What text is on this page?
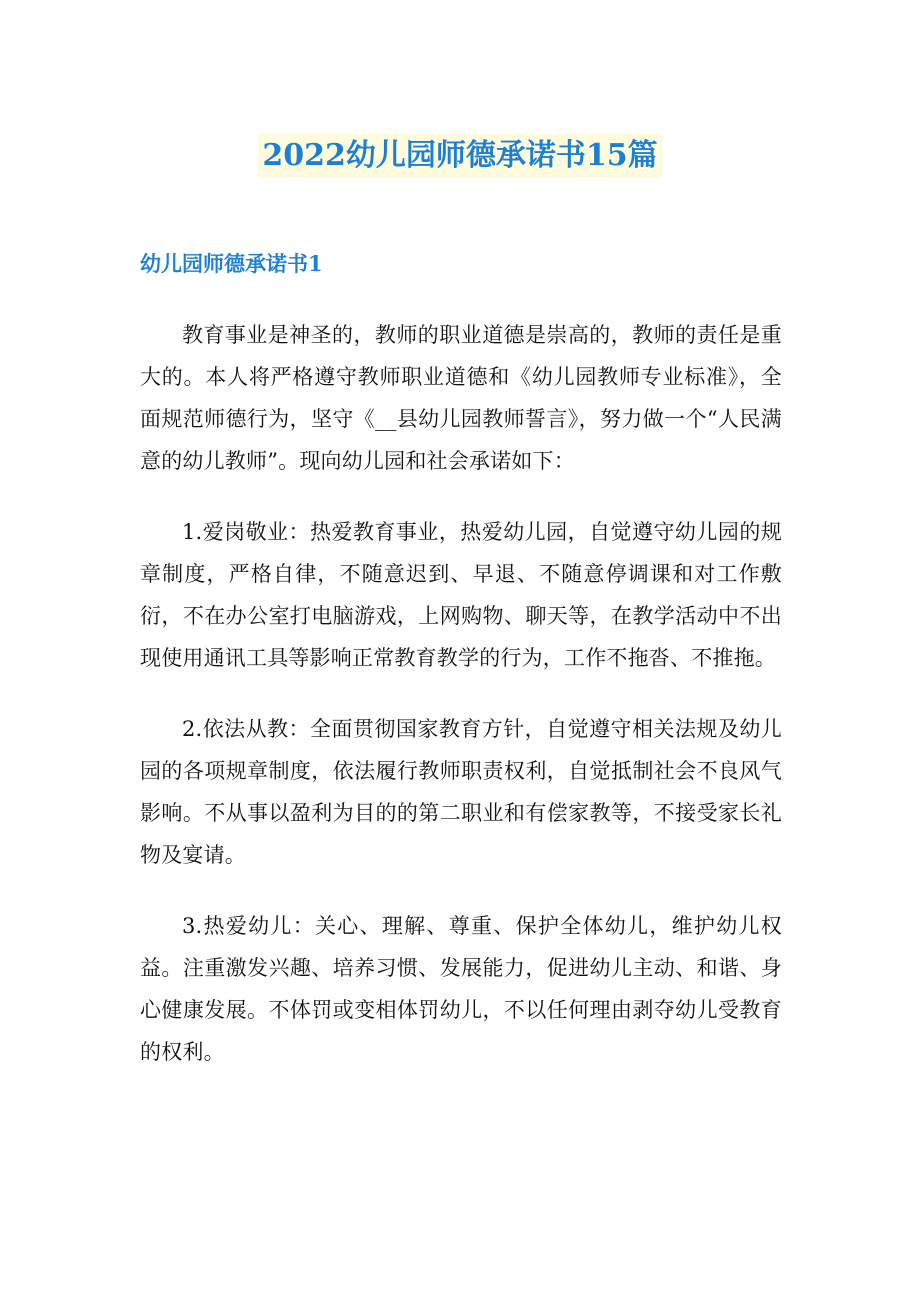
2022幼儿园师德承诺书15篇
幼儿园师德承诺书1

教育事业是神圣的，教师的职业道德是崇高的，教师的责任是重大的。本人将严格遵守教师职业道德和《幼儿园教师专业标准》，全面规范师德行为，坚守《__县幼儿园教师誓言》，努力做一个“人民满意的幼儿教师”。现向幼儿园和社会承诺如下：

1.爱岗敬业：热爱教育事业，热爱幼儿园，自觉遵守幼儿园的规章制度，严格自律，不随意迟到、早退、不随意停调课和对工作敷衍，不在办公室打电脑游戏，上网购物、聊天等，在教学活动中不出现使用通讯工具等影响正常教育教学的行为，工作不拖沓、不推拖。

2.依法从教：全面贯彻国家教育方针，自觉遵守相关法规及幼儿园的各项规章制度，依法履行教师职责权利，自觉抵制社会不良风气影响。不从事以盈利为目的的第二职业和有偿家教等，不接受家长礼物及宴请。

3.热爱幼儿：关心、理解、尊重、保护全体幼儿，维护幼儿权益。注重激发兴趣、培养习惯、发展能力，促进幼儿主动、和谐、身心健康发展。不体罚或变相体罚幼儿，不以任何理由剥夺幼儿受教育的权利。
